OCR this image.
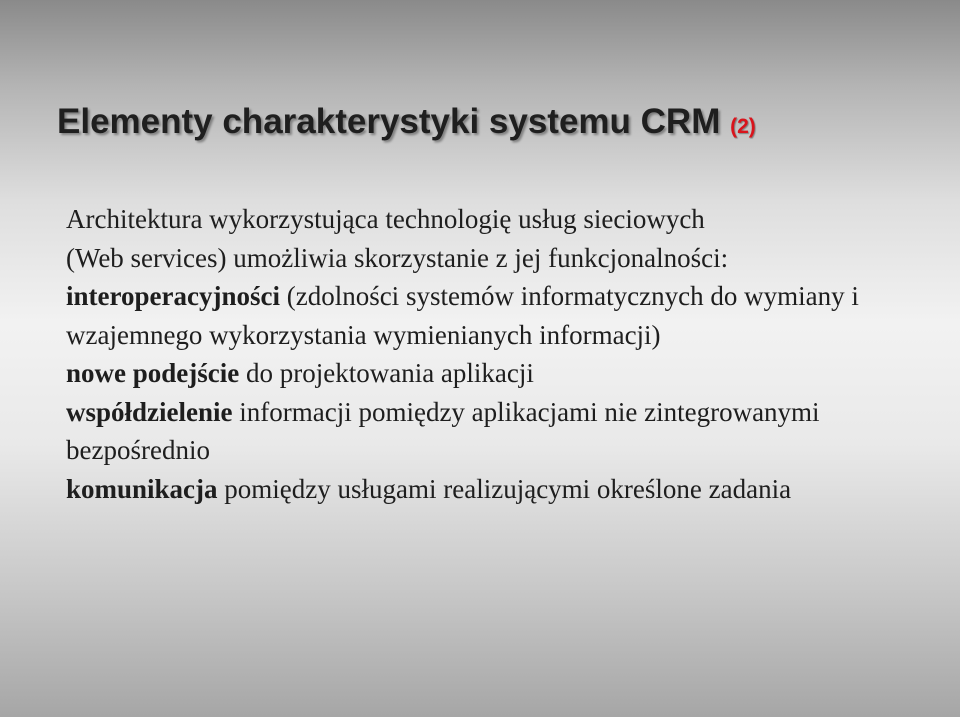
Elementy charakterystyki systemu CRM (2)

Architektura wykorzystująca technologię usług sieciowych

(Web services) umożliwia skorzystanie z jej funkcjonalności:

interoperacyjności (zdolności systemów informatycznych do wymiany i wzajemnego wykorzystania wymienianych informacji)

nowe podejście do projektowania aplikacji

współdzielenie informacji pomiędzy aplikacjami nie zintegrowanymi bezpośrednio

komunikacja pomiędzy usługami realizującymi określone zadania
